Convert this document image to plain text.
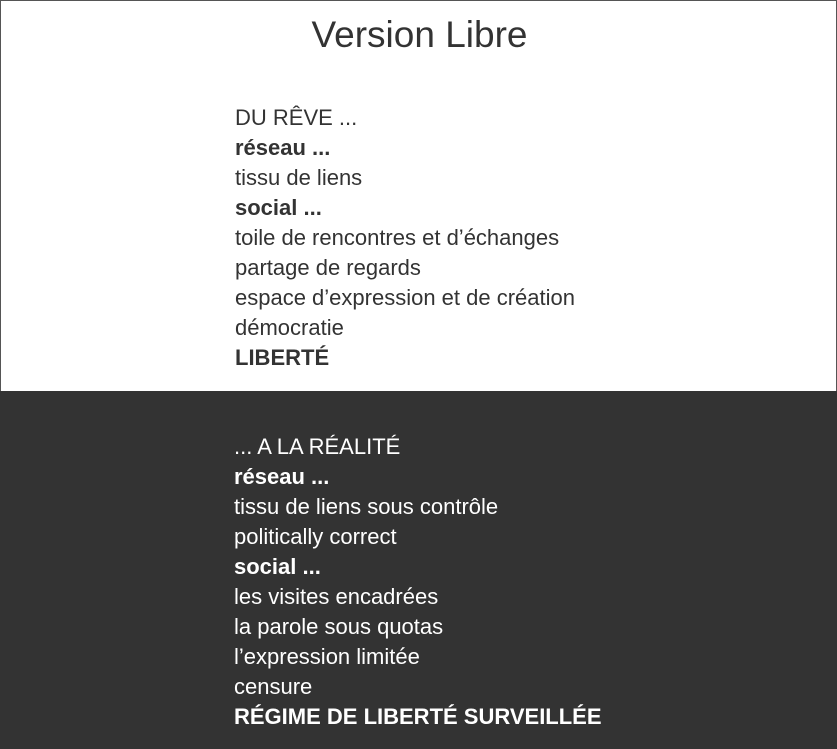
Version Libre
DU RÊVE ...
réseau ...
tissu de liens
social ...
toile de rencontres et d’échanges
partage de regards
espace d’expression et de création
démocratie
LIBERTÉ
... A LA RÉALITÉ
réseau ...
tissu de liens sous contrôle
politically correct
social ...
les visites encadrées
la parole sous quotas
l’expression limitée
censure
RÉGIME DE LIBERTÉ SURVEILLÉE
